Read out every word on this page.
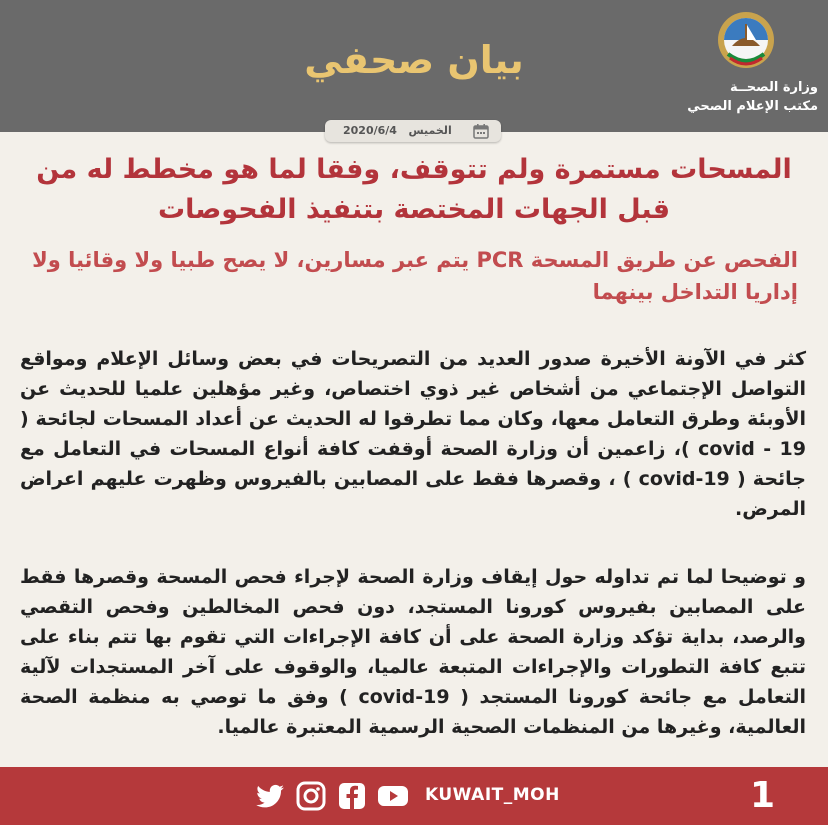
بيان صحفي
وزارة الصحــة
مكتب الإعلام الصحي
2020/6/4 الخميس
المسحات مستمرة ولم تتوقف، وفقا لما هو مخطط له من قبل الجهات المختصة بتنفيذ الفحوصات
الفحص عن طريق المسحة PCR يتم عبر مسارين، لا يصح طبيا ولا وقائيا ولا إداريا التداخل بينهما

كثر في الآونة الأخيرة صدور العديد من التصريحات في بعض وسائل الإعلام ومواقع التواصل الإجتماعي من أشخاص غير ذوي اختصاص، وغير مؤهلين علميا للحديث عن الأوبئة وطرق التعامل معها، وكان مما تطرقوا له الحديث عن أعداد المسحات لجائحة ( covid - 19 )، زاعمين أن وزارة الصحة أوقفت كافة أنواع المسحات في التعامل مع جائحة ( covid-19 ) ، وقصرها فقط على المصابين بالفيروس وظهرت عليهم اعراض المرض.

و توضيحا لما تم تداوله حول إيقاف وزارة الصحة لإجراء فحص المسحة وقصرها فقط على المصابين بفيروس كورونا المستجد، دون فحص المخالطين وفحص التقصي والرصد، بداية تؤكد وزارة الصحة على أن كافة الإجراءات التي تقوم بها تتم بناء على تتبع كافة التطورات والإجراءات المتبعة عالميا، والوقوف على آخر المستجدات لآلية التعامل مع جائحة كورونا المستجد ( covid-19 ) وفق ما توصي به منظمة الصحة العالمية، وغيرها من المنظمات الصحية الرسمية المعتبرة عالميا.

1
KUWAIT_MOH
